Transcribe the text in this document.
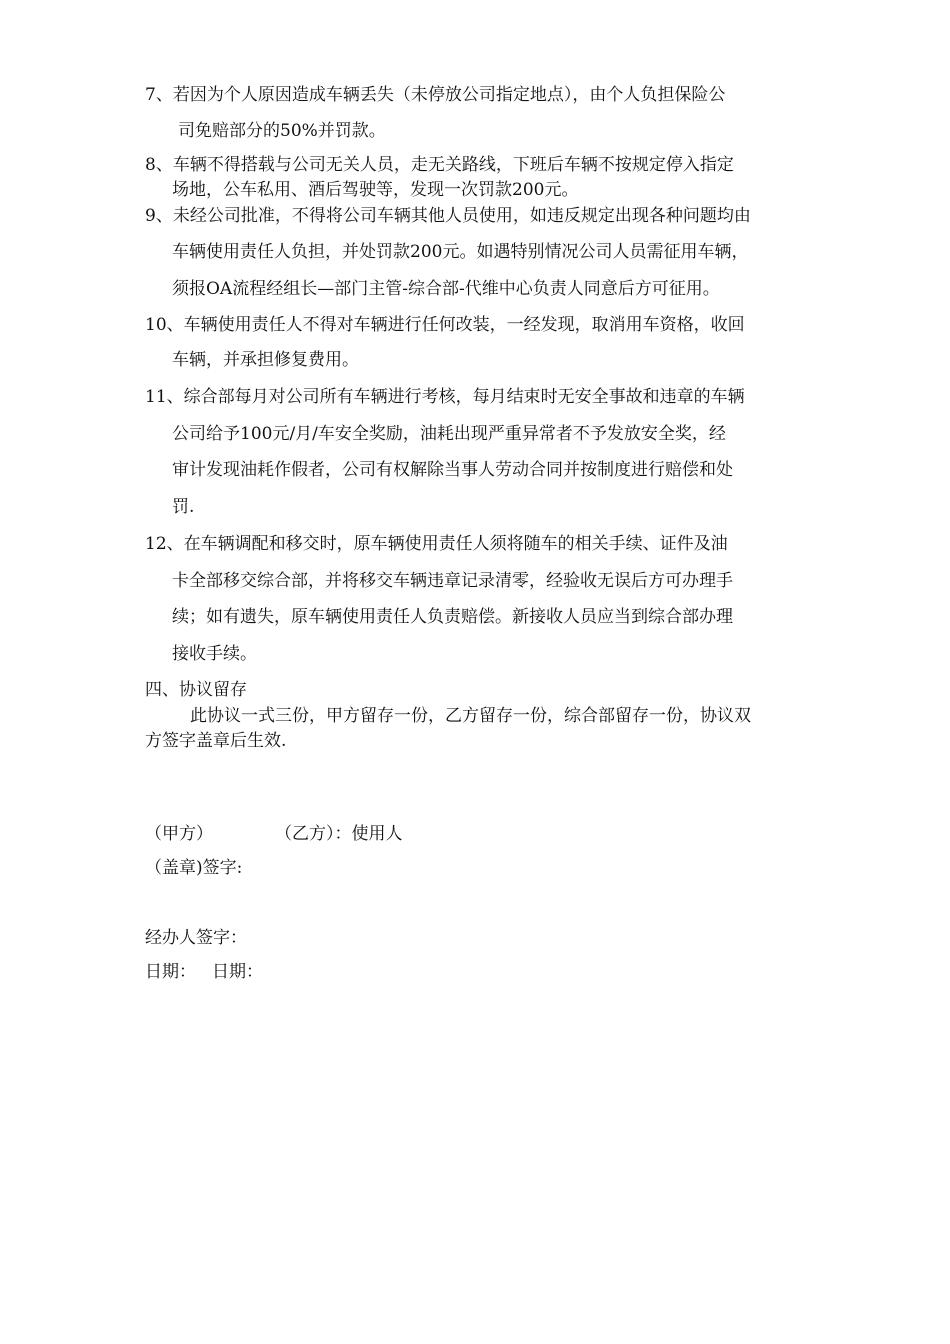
7、若因为个人原因造成车辆丢失（未停放公司指定地点），由个人负担保险公
司免赔部分的50%并罚款。
8、车辆不得搭载与公司无关人员，走无关路线，下班后车辆不按规定停入指定
场地，公车私用、酒后驾驶等，发现一次罚款200元。
9、未经公司批准，不得将公司车辆其他人员使用，如违反规定出现各种问题均由
车辆使用责任人负担，并处罚款200元。如遇特别情况公司人员需征用车辆，
须报OA流程经组长—部门主管-综合部-代维中心负责人同意后方可征用。
10、车辆使用责任人不得对车辆进行任何改装，一经发现，取消用车资格，收回
车辆，并承担修复费用。
11、综合部每月对公司所有车辆进行考核，每月结束时无安全事故和违章的车辆
公司给予100元/月/车安全奖励，油耗出现严重异常者不予发放安全奖，经
审计发现油耗作假者，公司有权解除当事人劳动合同并按制度进行赔偿和处
罚.
12、在车辆调配和移交时，原车辆使用责任人须将随车的相关手续、证件及油
卡全部移交综合部，并将移交车辆违章记录清零，经验收无误后方可办理手
续；如有遗失，原车辆使用责任人负责赔偿。新接收人员应当到综合部办理
接收手续。
四、协议留存
此协议一式三份，甲方留存一份，乙方留存一份，综合部留存一份，协议双
方签字盖章后生效.
（甲方）	（乙方）：使用人
（盖章)签字:
经办人签字：
日期： 日期：
